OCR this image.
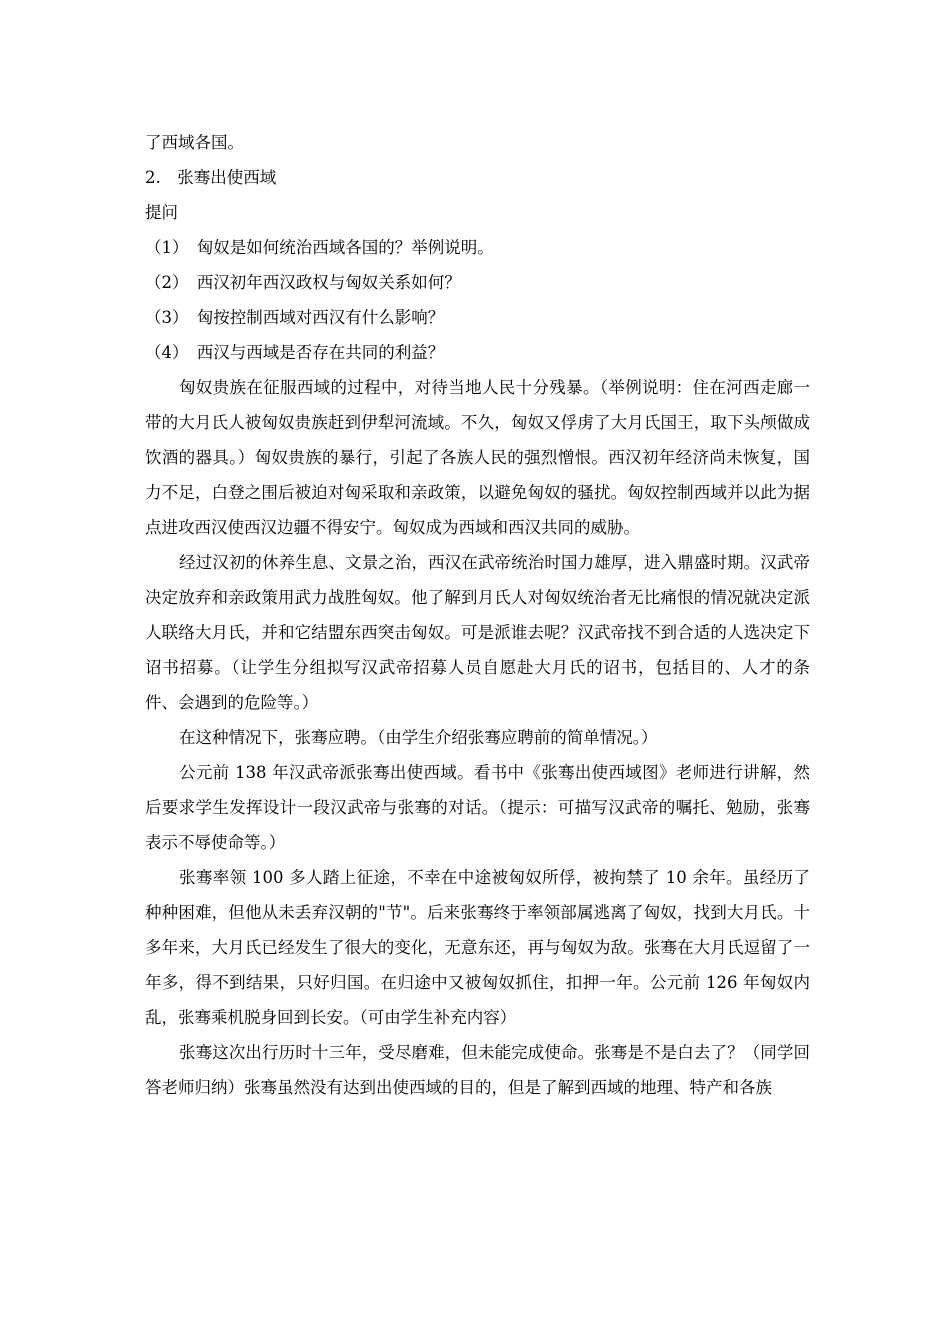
了西域各国。

2.　张骞出使西域

提问

（1）　匈奴是如何统治西域各国的？举例说明。

（2）　西汉初年西汉政权与匈奴关系如何？

（3）　匈按控制西域对西汉有什么影响？

（4）　西汉与西域是否存在共同的利益？

匈奴贵族在征服西域的过程中，对待当地人民十分残暴。（举例说明：住在河西走廊一带的大月氏人被匈奴贵族赶到伊犁河流域。不久，匈奴又俘虏了大月氏国王，取下头颅做成饮酒的器具。）匈奴贵族的暴行，引起了各族人民的强烈憎恨。西汉初年经济尚未恢复，国力不足，白登之围后被迫对匈采取和亲政策，以避免匈奴的骚扰。匈奴控制西域并以此为据点进攻西汉使西汉边疆不得安宁。匈奴成为西域和西汉共同的威胁。

经过汉初的休养生息、文景之治，西汉在武帝统治时国力雄厚，进入鼎盛时期。汉武帝决定放弃和亲政策用武力战胜匈奴。他了解到月氏人对匈奴统治者无比痛恨的情况就决定派人联络大月氏，并和它结盟东西突击匈奴。可是派谁去呢？汉武帝找不到合适的人选决定下诏书招募。（让学生分组拟写汉武帝招募人员自愿赴大月氏的诏书，包括目的、人才的条件、会遇到的危险等。）

在这种情况下，张骞应聘。（由学生介绍张骞应聘前的简单情况。）

公元前 138 年汉武帝派张骞出使西域。看书中《张骞出使西域图》老师进行讲解，然后要求学生发挥设计一段汉武帝与张骞的对话。（提示：可描写汉武帝的嘱托、勉励，张骞表示不辱使命等。）

张骞率领 100 多人踏上征途，不幸在中途被匈奴所俘，被拘禁了 10 余年。虽经历了种种困难，但他从未丢弃汉朝的"节"。后来张骞终于率领部属逃离了匈奴，找到大月氏。十多年来，大月氏已经发生了很大的变化，无意东还，再与匈奴为敌。张骞在大月氏逗留了一年多，得不到结果，只好归国。在归途中又被匈奴抓住，扣押一年。公元前 126 年匈奴内乱，张骞乘机脱身回到长安。（可由学生补充内容）

张骞这次出行历时十三年，受尽磨难，但未能完成使命。张骞是不是白去了？（同学回答老师归纳）张骞虽然没有达到出使西域的目的，但是了解到西域的地理、特产和各族
